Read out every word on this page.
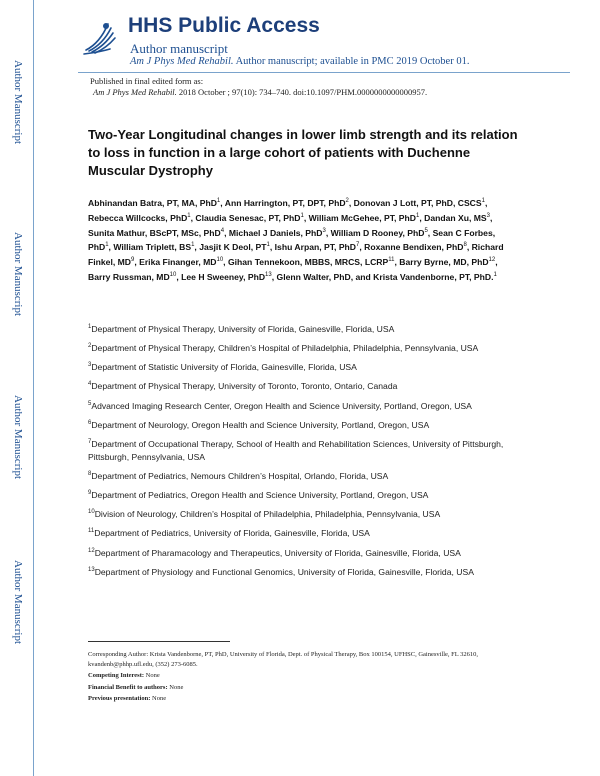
Author Manuscript
Author Manuscript
Author Manuscript
Author Manuscript
HHS Public Access
Author manuscript
Am J Phys Med Rehabil. Author manuscript; available in PMC 2019 October 01.
Published in final edited form as:
Am J Phys Med Rehabil. 2018 October ; 97(10): 734–740. doi:10.1097/PHM.0000000000000957.
Two-Year Longitudinal changes in lower limb strength and its relation to loss in function in a large cohort of patients with Duchenne Muscular Dystrophy
Abhinandan Batra, PT, MA, PhD$^1$, Ann Harrington, PT, DPT, PhD$^2$, Donovan J Lott, PT, PhD, CSCS$^1$, Rebecca Willcocks, PhD$^1$, Claudia Senesac, PT, PhD$^1$, William McGehee, PT, PhD$^1$, Dandan Xu, $MS^3$, Sunita Mathur, BScPT, MSc, PhD$^4$, Michael J Daniels, PhD$^3$, William D Rooney, PhD$^5$, Sean C Forbes, PhD$^1$, William Triplett, $BS^1$, Jasjit K Deol, $PT^1$, Ishu Arpan, PT, PhD$^7$, Roxanne Bendixen, PhD$^8$, Richard Finkel, $MD^9$, Erika Finanger, MD$^{10}$, Gihan Tennekoon, MBBS, MRCS, LCRP$^{11}$, Barry Byrne, MD, PhD$^{12}$, Barry Russman, MD$^{10}$, Lee H Sweeney, PhD$^{13}$, Glenn Walter, PhD, and Krista Vandenborne, PT, PhD.$^1$
$^1$Department of Physical Therapy, University of Florida, Gainesville, Florida, USA
$^2$Department of Physical Therapy, Children’s Hospital of Philadelphia, Philadelphia, Pennsylvania, USA
$^3$Department of Statistic University of Florida, Gainesville, Florida, USA
$^4$Department of Physical Therapy, University of Toronto, Toronto, Ontario, Canada
$^5$Advanced Imaging Research Center, Oregon Health and Science University, Portland, Oregon, USA
$^6$Department of Neurology, Oregon Health and Science University, Portland, Oregon, USA
$^7$Department of Occupational Therapy, School of Health and Rehabilitation Sciences, University of Pittsburgh, Pittsburgh, Pennsylvania, USA
$^8$Department of Pediatrics, Nemours Children’s Hospital, Orlando, Florida, USA
$^9$Department of Pediatrics, Oregon Health and Science University, Portland, Oregon, USA
$^{10}$Division of Neurology, Children’s Hospital of Philadelphia, Philadelphia, Pennsylvania, USA
$^{11}$Department of Pediatrics, University of Florida, Gainesville, Florida, USA
$^{12}$Department of Pharamacology and Therapeutics, University of Florida, Gainesville, Florida, USA
$^{13}$Department of Physiology and Functional Genomics, University of Florida, Gainesville, Florida, USA
Corresponding Author: Krista Vandenborne, PT, PhD, University of Florida, Dept. of Physical Therapy, Box 100154, UFHSC, Gainesville, FL 32610, kvandenb@phhp.ufl.edu, (352) 273-6085.
Competing Interest: None
Financial Benefit to authors: None
Previous presentation: None
